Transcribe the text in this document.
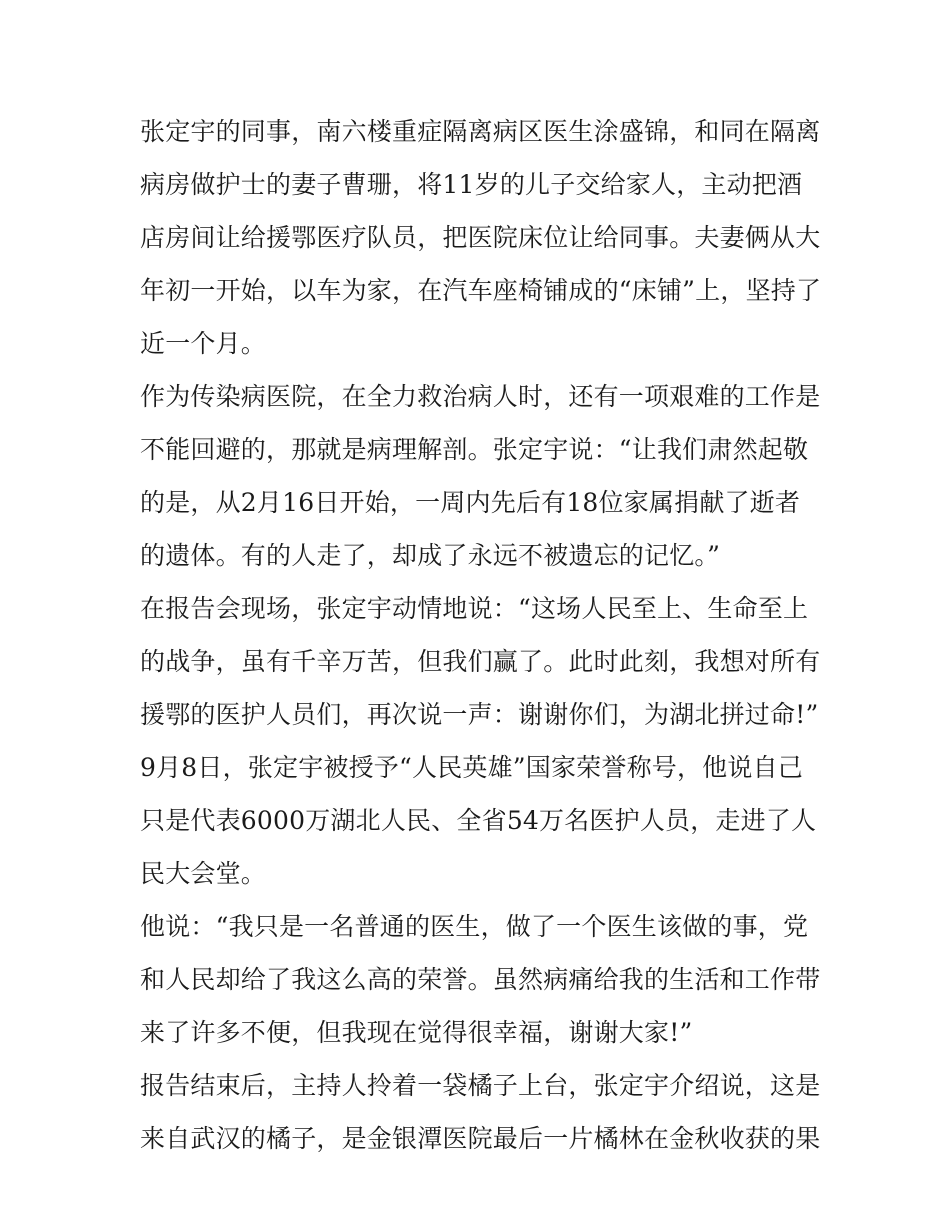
张定宇的同事，南六楼重症隔离病区医生涂盛锦，和同在隔离
病房做护士的妻子曹珊，将11岁的儿子交给家人，主动把酒
店房间让给援鄂医疗队员，把医院床位让给同事。夫妻俩从大
年初一开始，以车为家，在汽车座椅铺成的“床铺”上，坚持了
近一个月。
作为传染病医院，在全力救治病人时，还有一项艰难的工作是
不能回避的，那就是病理解剖。张定宇说：“让我们肃然起敬
的是，从2月16日开始，一周内先后有18位家属捐献了逝者
的遗体。有的人走了，却成了永远不被遗忘的记忆。”
在报告会现场，张定宇动情地说：“这场人民至上、生命至上
的战争，虽有千辛万苦，但我们赢了。此时此刻，我想对所有
援鄂的医护人员们，再次说一声：谢谢你们，为湖北拼过命!”
9月8日，张定宇被授予“人民英雄”国家荣誉称号，他说自己
只是代表6000万湖北人民、全省54万名医护人员，走进了人
民大会堂。
他说：“我只是一名普通的医生，做了一个医生该做的事，党
和人民却给了我这么高的荣誉。虽然病痛给我的生活和工作带
来了许多不便，但我现在觉得很幸福，谢谢大家!”
报告结束后，主持人拎着一袋橘子上台，张定宇介绍说，这是
来自武汉的橘子，是金银潭医院最后一片橘林在金秋收获的果
